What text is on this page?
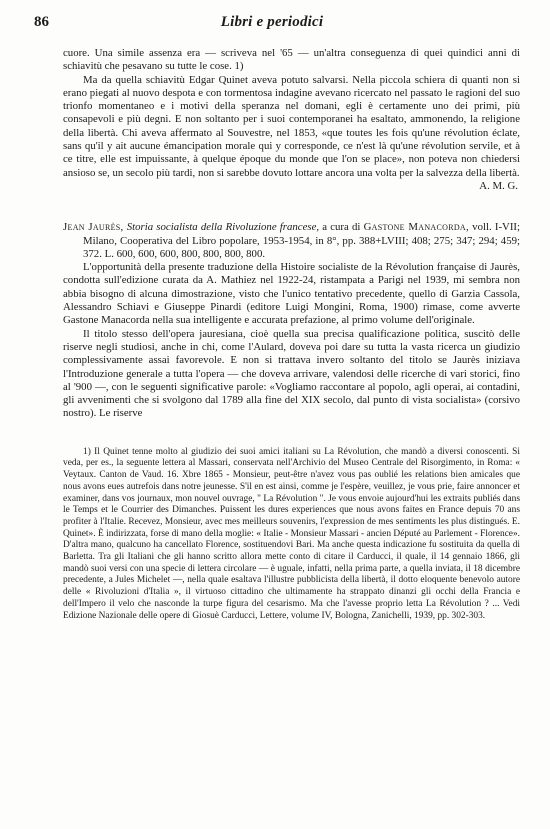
86	Libri e periodici

cuore. Una simile assenza era — scriveva nel '65 — un'altra conseguenza di quei quindici anni di schiavitù che pesavano su tutte le cose. 1)

Ma da quella schiavitù Edgar Quinet aveva potuto salvarsi. Nella piccola schiera di quanti non si erano piegati al nuovo despota e con tormentosa indagine avevano ricercato nel passato le ragioni del suo trionfo momentaneo e i motivi della speranza nel domani, egli è certamente uno dei primi, più consapevoli e più degni. E non soltanto per i suoi contemporanei ha esaltato, ammonendo, la religione della libertà. Chi aveva affermato al Souvestre, nel 1853, «que toutes les fois qu'une révolution éclate, sans qu'il y ait aucune émancipation morale qui y corresponde, ce n'est là qu'une révolution servile, et à ce titre, elle est impuissante, à quelque époque du monde que l'on se place», non poteva non chiedersi ansioso se, un secolo più tardi, non si sarebbe dovuto lottare ancora una volta per la salvezza della libertà.

A. M. G.

Jean Jaurès, Storia socialista della Rivoluzione francese, a cura di Gastone Manacorda, voll. I-VII; Milano, Cooperativa del Libro popolare, 1953-1954, in 8°, pp. 388+LVIII; 408; 275; 347; 294; 459; 372. L. 600, 600, 600, 800, 800, 800, 800.

L'opportunità della presente traduzione della Histoire socialiste de la Révolution française di Jaurès, condotta sull'edizione curata da A. Mathiez nel 1922-24, ristampata a Parigi nel 1939, mi sembra non abbia bisogno di alcuna dimostrazione, visto che l'unico tentativo precedente, quello di Garzia Cassola, Alessandro Schiavi e Giuseppe Pinardi (editore Luigi Mongini, Roma, 1900) rimase, come avverte Gastone Manacorda nella sua intelligente e accurata prefazione, al primo volume dell'originale.

Il titolo stesso dell'opera jauresiana, cioè quella sua precisa qualificazione politica, suscitò delle riserve negli studiosi, anche in chi, come l'Aulard, doveva poi dare su tutta la vasta ricerca un giudizio complessivamente assai favorevole. E non si trattava invero soltanto del titolo se Jaurès iniziava l'Introduzione generale a tutta l'opera — che doveva arrivare, valendosi delle ricerche di vari storici, fino al '900 —, con le seguenti significative parole: «Vogliamo raccontare al popolo, agli operai, ai contadini, gli avvenimenti che si svolgono dal 1789 alla fine del XIX secolo, dal punto di vista socialista» (corsivo nostro). Le riserve

1) Il Quinet tenne molto al giudizio dei suoi amici italiani su La Révolution, che mandò a diversi conoscenti. Si veda, per es., la seguente lettera al Massari, conservata nell'Archivio del Museo Centrale del Risorgimento, in Roma: « Veytaux. Canton de Vaud. 16. Xbre 1865 - Monsieur, peut-être n'avez vous pas oublié les relations bien amicales que nous avons eues autrefois dans notre jeunesse. S'il en est ainsi, comme je l'espère, veuillez, je vous prie, faire annoncer et examiner, dans vos journaux, mon nouvel ouvrage, " La Révolution ". Je vous envoie aujourd'hui les extraits publiés dans le Temps et le Courrier des Dimanches. Puissent les dures experiences que nous avons faites en France depuis 70 ans profiter à l'Italie. Recevez, Monsieur, avec mes meilleurs souvenirs, l'expression de mes sentiments les plus distingués. E. Quinet». È indirizzata, forse di mano della moglie: « Italie - Monsieur Massari - ancien Député au Parlement - Florence». D'altra mano, qualcuno ha cancellato Florence, sostituendovi Bari. Ma anche questa indicazione fu sostituita da quella di Barletta. Tra gli Italiani che gli hanno scritto allora mette conto di citare il Carducci, il quale, il 14 gennaio 1866, gli mandò suoi versi con una specie di lettera circolare — è uguale, infatti, nella prima parte, a quella inviata, il 18 dicembre precedente, a Jules Michelet —, nella quale esaltava l'illustre pubblicista della libertà, il dotto eloquente benevolo autore delle « Rivoluzioni d'Italia », il virtuoso cittadino che ultimamente ha strappato dinanzi gli occhi della Francia e dell'Impero il velo che nasconde la turpe figura del cesarismo. Ma che l'avesse proprio letta La Révolution ? ... Vedi Edizione Nazionale delle opere di Giosuè Carducci, Lettere, volume IV, Bologna, Zanichelli, 1939, pp. 302-303.
